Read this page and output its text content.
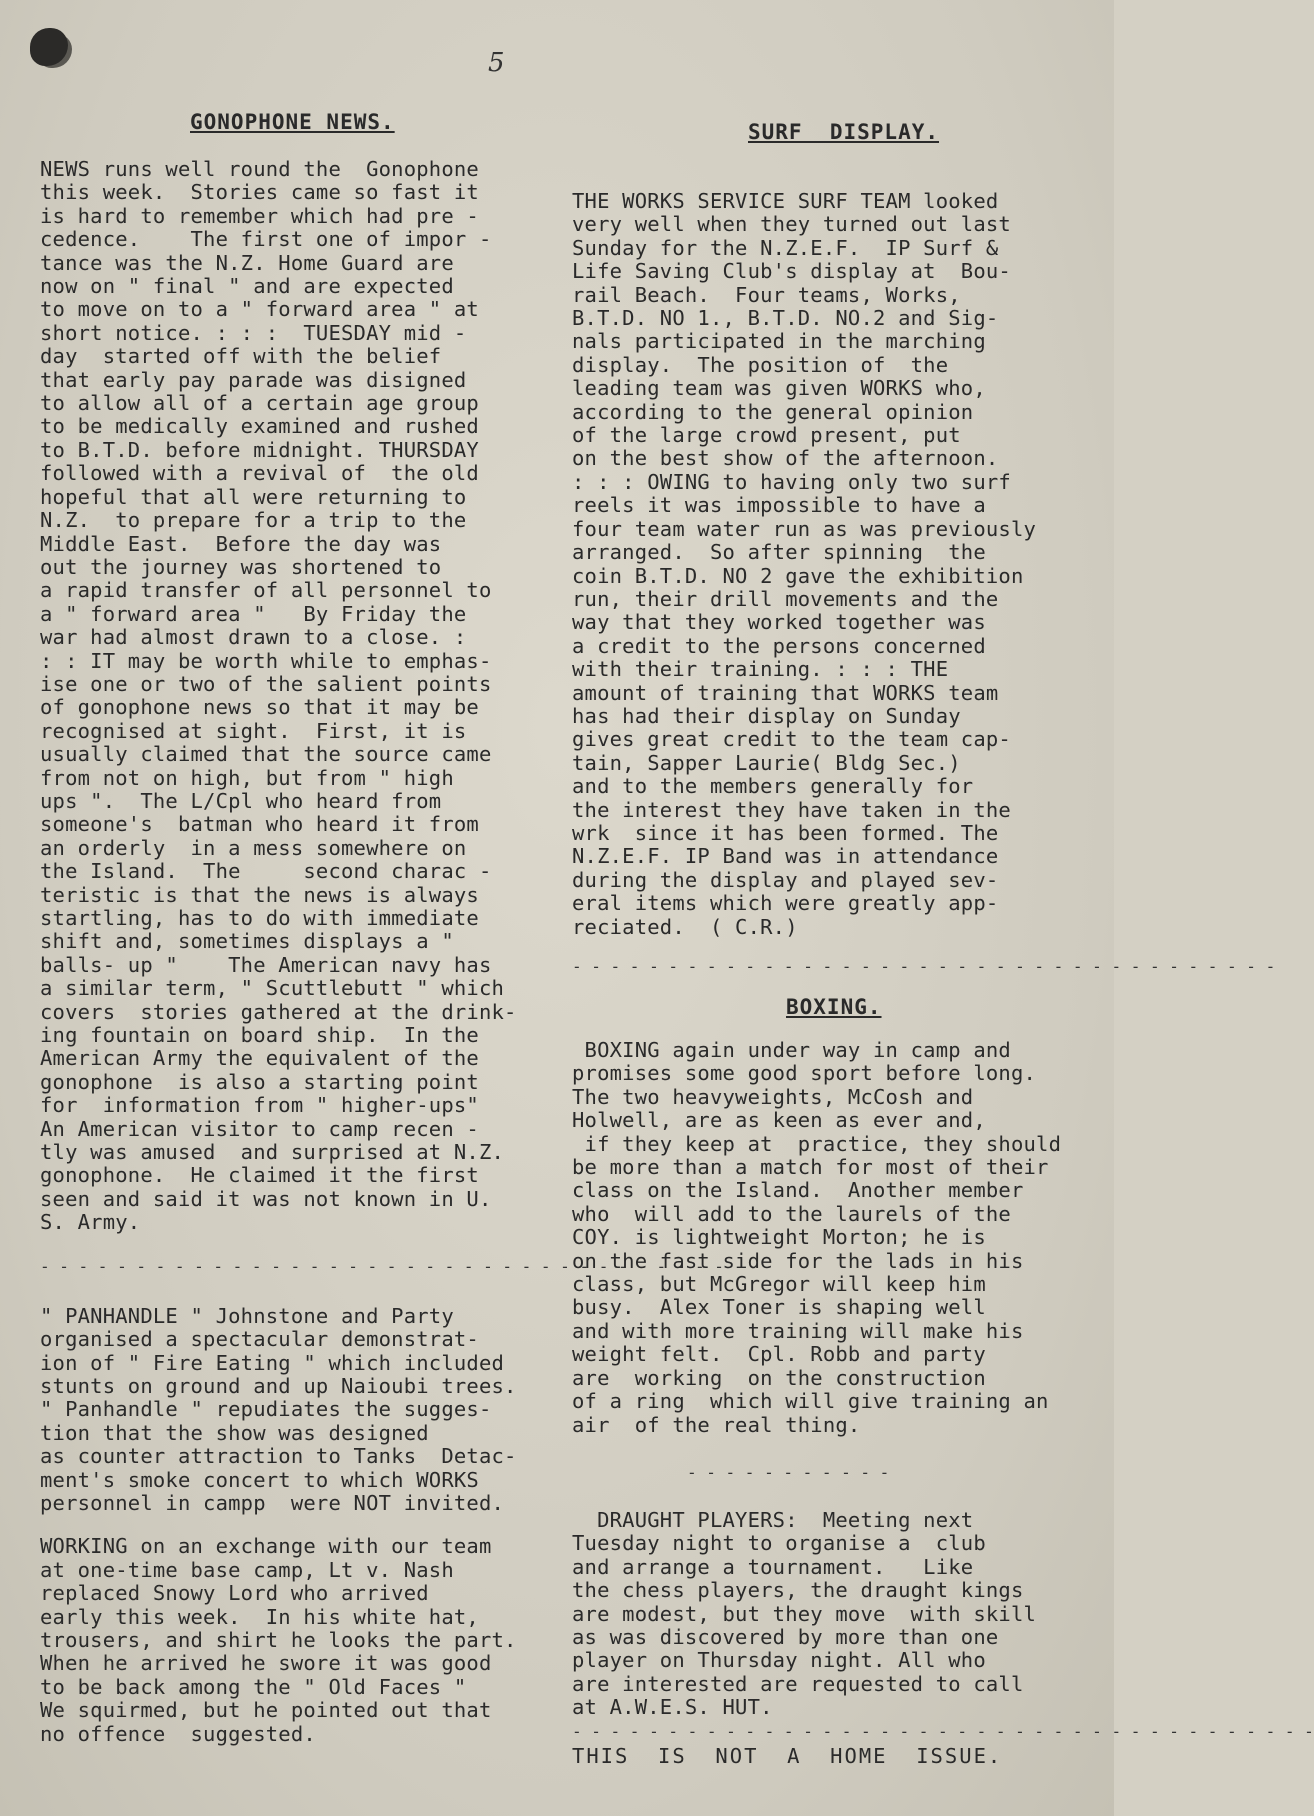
5
GONOPHONE NEWS.
NEWS runs well round the  Gonophone
this week.  Stories came so fast it
is hard to remember which had pre -
cedence.    The first one of impor -
tance was the N.Z. Home Guard are
now on " final " and are expected
to move on to a " forward area " at
short notice. : : :  TUESDAY mid -
day  started off with the belief
that early pay parade was disigned
to allow all of a certain age group
to be medically examined and rushed
to B.T.D. before midnight. THURSDAY
followed with a revival of  the old
hopeful that all were returning to
N.Z.  to prepare for a trip to the
Middle East.  Before the day was
out the journey was shortened to
a rapid transfer of all personnel to
a " forward area "   By Friday the
war had almost drawn to a close. :
: : IT may be worth while to emphas-
ise one or two of the salient points
of gonophone news so that it may be
recognised at sight.  First, it is
usually claimed that the source came
from not on high, but from " high
ups ".  The L/Cpl who heard from
someone's  batman who heard it from
an orderly  in a mess somewhere on
the Island.  The     second charac -
teristic is that the news is always
startling, has to do with immediate
shift and, sometimes displays a "
balls- up "    The American navy has
a similar term, " Scuttlebutt " which
covers  stories gathered at the drink-
ing fountain on board ship.  In the
American Army the equivalent of the
gonophone  is also a starting point
for  information from " higher-ups"
An American visitor to camp recen -
tly was amused  and surprised at N.Z.
gonophone.  He claimed it the first
seen and said it was not known in U.
S. Army.
- - - - - - - - - - - - - - - - - - - - - - - - - - - - - - - - - - - -
" PANHANDLE " Johnstone and Party
organised a spectacular demonstrat-
ion of " Fire Eating " which included
stunts on ground and up Naioubi trees.
" Panhandle " repudiates the sugges-
tion that the show was designed
as counter attraction to Tanks  Detac-
ment's smoke concert to which WORKS
personnel in campp  were NOT invited.
WORKING on an exchange with our team
at one-time base camp, Lt v. Nash
replaced Snowy Lord who arrived
early this week.  In his white hat,
trousers, and shirt he looks the part.
When he arrived he swore it was good
to be back among the " Old Faces "
We squirmed, but he pointed out that
no offence  suggested.
SURF  DISPLAY.
THE WORKS SERVICE SURF TEAM looked
very well when they turned out last
Sunday for the N.Z.E.F.  IP Surf &
Life Saving Club's display at  Bou-
rail Beach.  Four teams, Works,
B.T.D. NO 1., B.T.D. NO.2 and Sig-
nals participated in the marching
display.  The position of  the
leading team was given WORKS who,
according to the general opinion
of the large crowd present, put
on the best show of the afternoon.
: : : OWING to having only two surf
reels it was impossible to have a
four team water run as was previously
arranged.  So after spinning  the
coin B.T.D. NO 2 gave the exhibition
run, their drill movements and the
way that they worked together was
a credit to the persons concerned
with their training. : : : THE
amount of training that WORKS team
has had their display on Sunday
gives great credit to the team cap-
tain, Sapper Laurie( Bldg Sec.)
and to the members generally for
the interest they have taken in the
wrk  since it has been formed. The
N.Z.E.F. IP Band was in attendance
during the display and played sev-
eral items which were greatly app-
reciated.  ( C.R.)
- - - - - - - - - - - - - - - - - - - - - - - - - - - - - - - - - - - - -
BOXING.
BOXING again under way in camp and
promises some good sport before long.
The two heavyweights, McCosh and
Holwell, are as keen as ever and,
if they keep at  practice, they should
be more than a match for most of their
class on the Island.  Another member
who  will add to the laurels of the
COY. is lightweight Morton; he is
on the fast side for the lads in his
class, but McGregor will keep him
busy.  Alex Toner is shaping well
and with more training will make his
weight felt.  Cpl. Robb and party
are  working  on the construction
of a ring  which will give training an
air  of the real thing.
- - - - - - - - - - -
DRAUGHT PLAYERS:  Meeting next
Tuesday night to organise a  club
and arrange a tournament.   Like
the chess players, the draught kings
are modest, but they move  with skill
as was discovered by more than one
player on Thursday night. All who
are interested are requested to call
at A.W.E.S. HUT.
- - - - - - - - - - - - - - - - - - - - - - - - - - - - - - - - - - - - - - -

THIS  IS  NOT  A  HOME  ISSUE.
